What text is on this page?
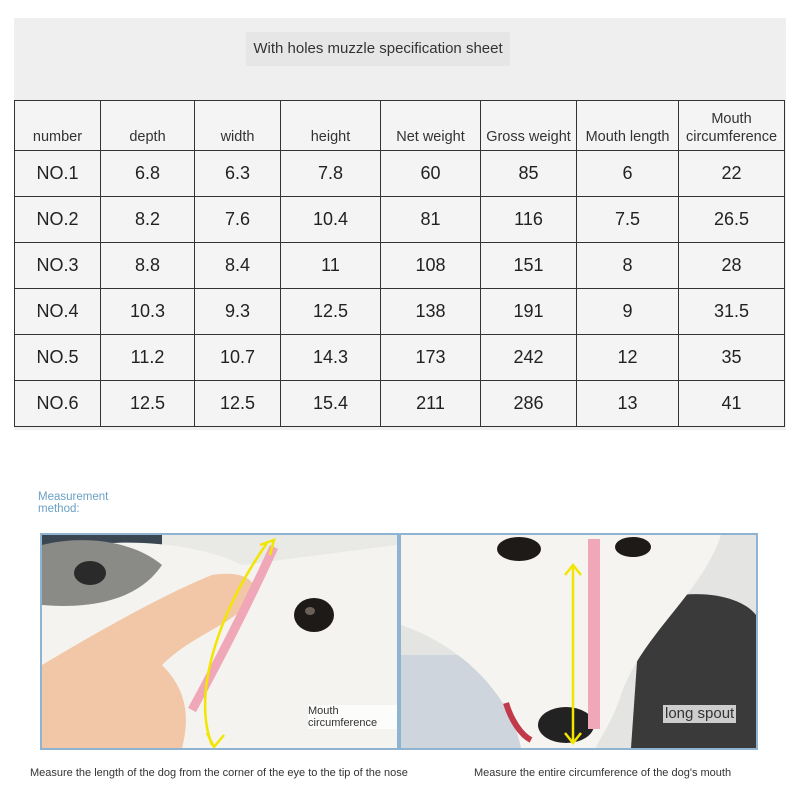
With holes muzzle specification sheet
number	depth	width	height	Net weight	Gross weight	Mouth length	Mouth circumference
NO.1	6.8	6.3	7.8	60	85	6	22
NO.2	8.2	7.6	10.4	81	116	7.5	26.5
NO.3	8.8	8.4	11	108	151	8	28
NO.4	10.3	9.3	12.5	138	191	9	31.5
NO.5	11.2	10.7	14.3	173	242	12	35
NO.6	12.5	12.5	15.4	211	286	13	41
Measurement
method:
Mouth circumference
long spout
Measure the length of the dog from the corner of the eye to the tip of the nose	Measure the entire circumference of the dog's mouth
